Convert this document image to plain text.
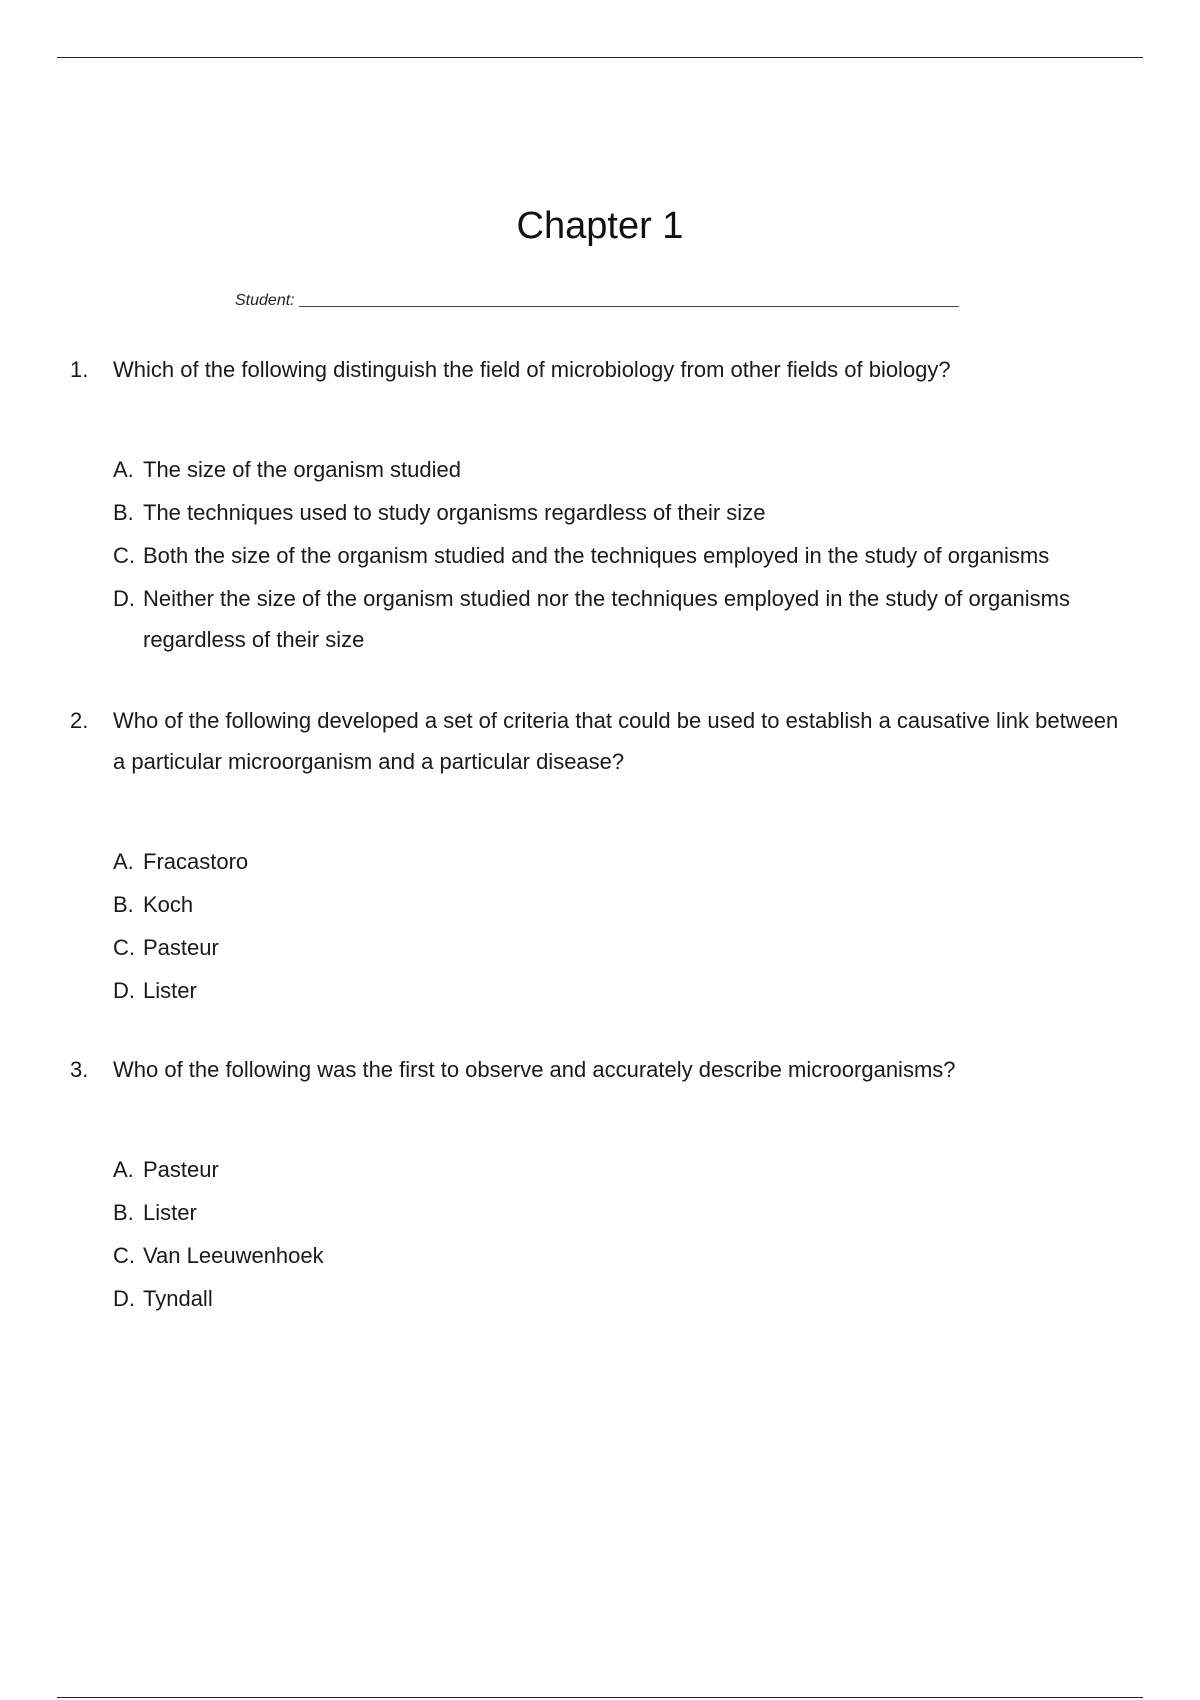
Chapter 1
Student:
1.	Which of the following distinguish the field of microbiology from other fields of biology?
A. The size of the organism studied
B. The techniques used to study organisms regardless of their size
C. Both the size of the organism studied and the techniques employed in the study of organisms
D. Neither the size of the organism studied nor the techniques employed in the study of organisms regardless of their size
2.	Who of the following developed a set of criteria that could be used to establish a causative link between a particular microorganism and a particular disease?
A. Fracastoro
B. Koch
C. Pasteur
D. Lister
3.	Who of the following was the first to observe and accurately describe microorganisms?
A. Pasteur
B. Lister
C. Van Leeuwenhoek
D. Tyndall
